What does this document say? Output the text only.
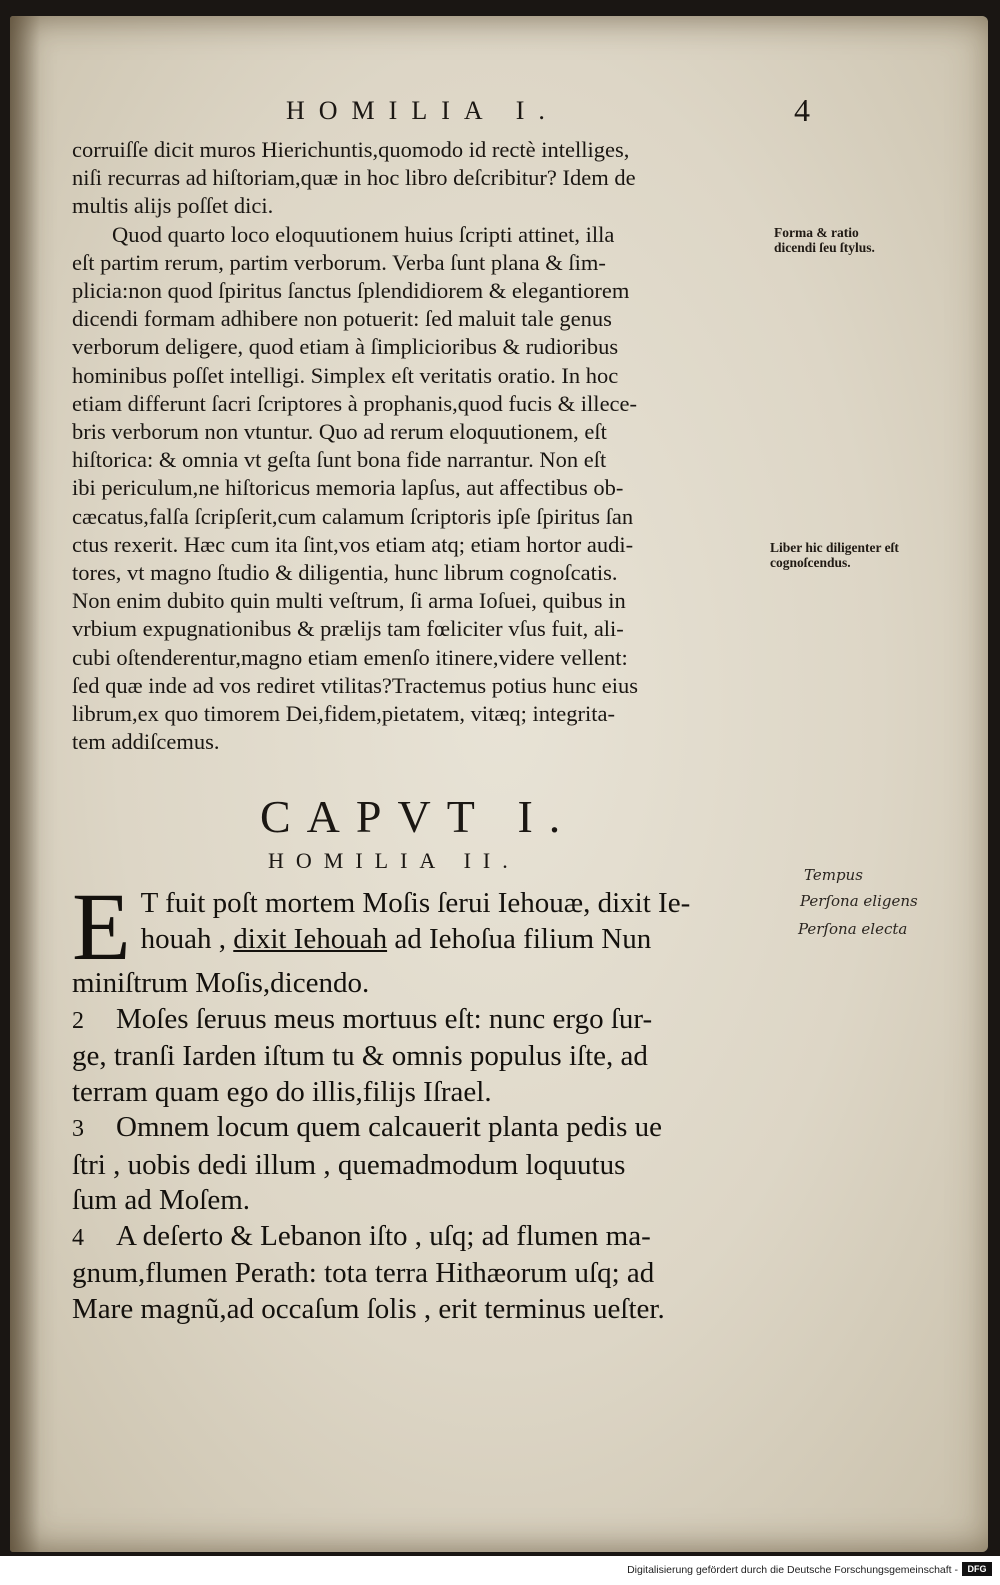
HOMILIA I.	4
corruiſſe dicit muros Hierichuntis,quomodo id rectè intelliges,
niſi recurras ad hiſtoriam,quæ in hoc libro deſcribitur? Idem de
multis alijs poſſet dici.
Quod quarto loco eloquutionem huius ſcripti attinet, illa
eſt partim rerum, partim verborum. Verba ſunt plana & ſim-
plicia:non quod ſpiritus ſanctus ſplendidiorem & elegantiorem
dicendi formam adhibere non potuerit: ſed maluit tale genus
verborum deligere, quod etiam à ſimplicioribus & rudioribus
hominibus poſſet intelligi. Simplex eſt veritatis oratio. In hoc
etiam differunt ſacri ſcriptores à prophanis,quod fucis & illece-
bris verborum non vtuntur. Quo ad rerum eloquutionem, eſt
hiſtorica: & omnia vt geſta ſunt bona fide narrantur. Non eſt
ibi periculum,ne hiſtoricus memoria lapſus, aut affectibus ob-
cæcatus,falſa ſcripſerit,cum calamum ſcriptoris ipſe ſpiritus ſan
ctus rexerit. Hæc cum ita ſint,vos etiam atq; etiam hortor audi-
tores, vt magno ſtudio & diligentia, hunc librum cognoſcatis.
Non enim dubito quin multi veſtrum, ſi arma Ioſuei, quibus in
vrbium expugnationibus & prælijs tam fœliciter vſus fuit, ali-
cubi oſtenderentur,magno etiam emenſo itinere,videre vellent:
ſed quæ inde ad vos rediret vtilitas?Tractemus potius hunc eius
librum,ex quo timorem Dei,fidem,pietatem, vitæq; integrita-
tem addiſcemus.
Forma & ratio dicendi ſeu ſtylus.
Liber hic diligenter eſt cognoſcendus.
CAPVT I.
HOMILIA II.
E T fuit poſt mortem Moſis ſerui Iehouæ, dixit Ie-
houah , dixit Iehouah ad Iehoſua filium Nun
miniſtrum Moſis,dicendo.
2 Moſes ſeruus meus mortuus eſt: nunc ergo ſur-
ge, tranſi Iarden iſtum tu & omnis populus iſte, ad
terram quam ego do illis,filijs Iſrael.
3 Omnem locum quem calcauerit planta pedis ue
ſtri , uobis dedi illum , quemadmodum loquutus
ſum ad Moſem.
4 A deſerto & Lebanon iſto , uſq; ad flumen ma-
gnum,flumen Perath: tota terra Hithæorum uſq; ad
Mare magnũ,ad occaſum ſolis , erit terminus ueſter.
Tempus
Perſona eligens
Perſona electa
Digitalisierung gefördert durch die Deutsche Forschungsgemeinschaft -	DFG
